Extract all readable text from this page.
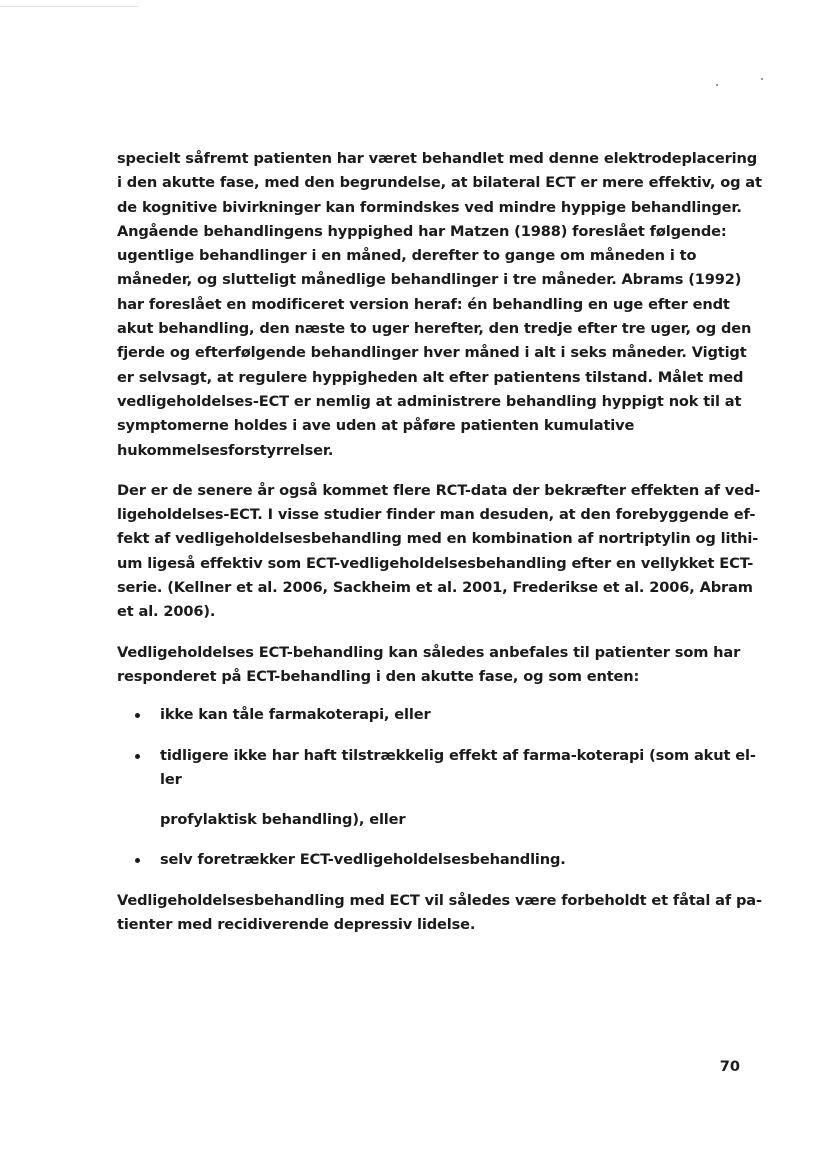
specielt såfremt patienten har været behandlet med denne elektrodeplacering
i den akutte fase, med den begrundelse, at bilateral ECT er mere effektiv, og at
de kognitive bivirkninger kan formindskes ved mindre hyppige behandlinger.
Angående behandlingens hyppighed har Matzen (1988) foreslået følgende:
ugentlige behandlinger i en måned, derefter to gange om måneden i to
måneder, og slutteligt månedlige behandlinger i tre måneder. Abrams (1992)
har foreslået en modificeret version heraf: én behandling en uge efter endt
akut behandling, den næste to uger herefter, den tredje efter tre uger, og den
fjerde og efterfølgende behandlinger hver måned i alt i seks måneder. Vigtigt
er selvsagt, at regulere hyppigheden alt efter patientens tilstand. Målet med
vedligeholdelses-ECT er nemlig at administrere behandling hyppigt nok til at
symptomerne holdes i ave uden at påføre patienten kumulative
hukommelsesforstyrrelser.

Der er de senere år også kommet flere RCT-data der bekræfter effekten af ved-
ligeholdelses-ECT. I visse studier finder man desuden, at den forebyggende ef-
fekt af vedligeholdelsesbehandling med en kombination af nortriptylin og lithi-
um ligeså effektiv som ECT-vedligeholdelsesbehandling efter en vellykket ECT-
serie. (Kellner et al. 2006, Sackheim et al. 2001, Frederikse et al. 2006, Abram
et al. 2006).

Vedligeholdelses ECT-behandling kan således anbefales til patienter som har
responderet på ECT-behandling i den akutte fase, og som enten:

ikke kan tåle farmakoterapi, eller
tidligere ikke har haft tilstrækkelig effekt af farma-koterapi (som akut el-
ler
profylaktisk behandling), eller
selv foretrækker ECT-vedligeholdelsesbehandling.

Vedligeholdelsesbehandling med ECT vil således være forbeholdt et fåtal af pa-
tienter med recidiverende depressiv lidelse.

70
